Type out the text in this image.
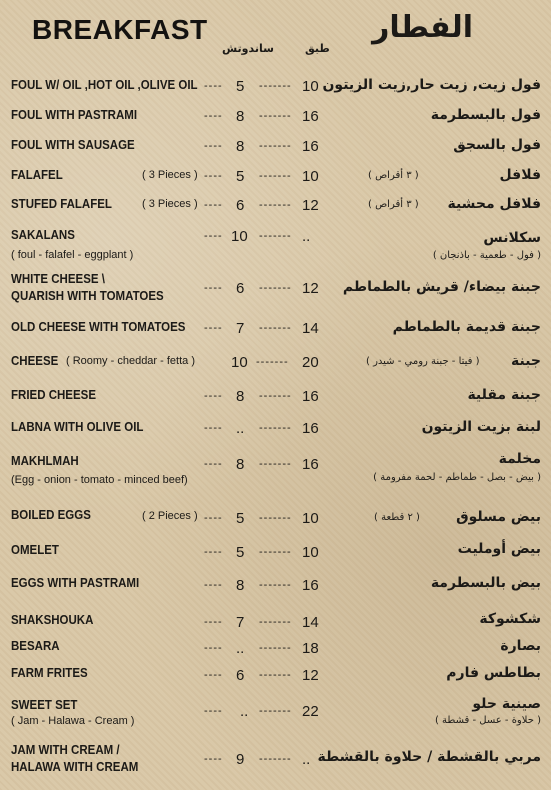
BREAKFAST	الفطار
ساندوتش	طبق
FOUL W/ OIL ,HOT OIL ,OLIVE OIL ---- 5 ------- 10 فول زيت, زيت حار,زيت الزيتون
FOUL WITH PASTRAMI	---- 8 ------- 16	فول بالبسطرمة
FOUL WITH SAUSAGE	---- 8 ------- 16	فول بالسجق
FALAFEL	( 3 Pieces ) ---- 5 ------- 10	( ٣ أقراص )	فلافل
STUFED FALAFEL	( 3 Pieces ) ---- 6 ------- 12	( ٣ أقراص ) فلافل محشية
SAKALANS
( foul - falafel - eggplant )
---- 10 ------- ..	سكلانس
( فول - طعمية - باذنجان )
WHITE CHEESE \
QUARISH WITH TOMATOES
---- 6 ------- 12 جبنة بيضاء/ قريش بالطماطم
OLD CHEESE WITH TOMATOES ---- 7 ------- 14	جبنة قديمة بالطماطم
CHEESE ( Roomy - cheddar - fetta ) 10 ------- 20	( فيتا - جبنة رومي - شيدر ) جبنة
FRIED CHEESE	---- 8 ------- 16	جبنة مقلية
LABNA WITH OLIVE OIL	---- .. ------- 16	لبنة بزيت الزيتون
MAKHLMAH
(Egg - onion - tomato - minced beef)
---- 8 ------- 16	مخلمة
( بيض - بصل - طماطم - لحمة مفرومة )
BOILED EGGS	( 2 Pieces ) ---- 5 ------- 10	( ٢ قطعة )	بيض مسلوق
OMELET	---- 5 ------- 10	بيض أومليت
EGGS WITH PASTRAMI	---- 8 ------- 16	بيض بالبسطرمة
SHAKSHOUKA	---- 7 ------- 14	شكشوكة
BESARA	---- .. ------- 18	بصارة
FARM FRITES	---- 6 ------- 12	بطاطس فارم
SWEET SET
( Jam - Halawa - Cream )
---- .. ------- 22	صينية حلو
( حلاوة - عسل - قشطة )
JAM WITH CREAM /
HALAWA WITH CREAM
---- 9 ------- .. مربي بالقشطة / حلاوة بالقشطة
